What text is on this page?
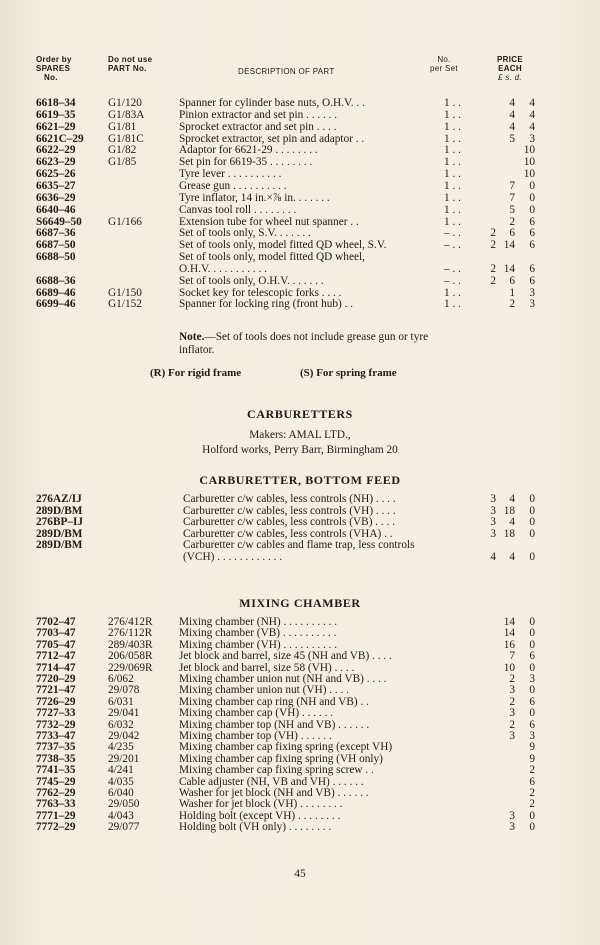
Order by
SPARES
No.
Do not use
PART No.	DESCRIPTION OF PART
No.
per Set
PRICE
EACH
£ s. d.
6618–34	G1/120	Spanner for cylinder base nuts, O.H.V. . .	1 . .	4	4
6619–35	G1/83A	Pinion extractor and set pin . . . . . .	1 . .	4	4
6621–29	G1/81	Sprocket extractor and set pin . . . .	1 . .	4	4
6621C–29 G1/81C	Sprocket extractor, set pin and adaptor . .	1 . .	5	3
6622–29	G1/82	Adaptor for 6621-29 . . . . . . . .	1 . .	10
6623–29	G1/85	Set pin for 6619-35 . . . . . . . .	1 . .	10
6625–26	Tyre lever . . . . . . . . . .	1 . .	10
6635–27	Grease gun . . . . . . . . . .	1 . .	7	0
6636–29	Tyre inflator, 14 in.×⅞ in. . . . . . .	1 . .	7	0
6640–46	Canvas tool roll . . . . . . . .	1 . .	5	0
S6649–50 G1/166	Extension tube for wheel nut spanner . .	1 . .	2	6
6687–36	Set of tools only, S.V. . . . . . .	– . .	2	6	6
6687–50	Set of tools only, model fitted QD wheel, S.V.	– . .	2 14	6
6688–50	Set of tools only, model fitted QD wheel,
O.H.V. . . . . . . . . . .	– . .	2 14	6
6688–36	Set of tools only, O.H.V. . . . . . .	– . .	2	6	6
6689–46	G1/150	Socket key for telescopic forks . . . .	1 . .	1	3
6699–46	G1/152	Spanner for locking ring (front hub) . .	1 . .	2	3
Note.—Set of tools does not include grease gun or tyre inflator.
(R) For rigid frame	(S) For spring frame
CARBURETTERS
Makers: AMAL LTD.,
Holford works, Perry Barr, Birmingham 20
CARBURETTER, BOTTOM FEED
276AZ/IJ	Carburetter c/w cables, less controls (NH) . . . .	3	4	0
289D/BM	Carburetter c/w cables, less controls (VH) . . . .	3 18	0
276BP–IJ	Carburetter c/w cables, less controls (VB) . . . .	3	4	0
289D/BM	Carburetter c/w cables, less controls (VHA) . .	3 18	0
289D/BM	Carburetter c/w cables and flame trap, less controls
(VCH) . . . . . . . . . . . .	4	4	0
MIXING CHAMBER
7702–47	276/412R Mixing chamber (NH) . . . . . . . . . .	14	0
7703–47	276/112R Mixing chamber (VB) . . . . . . . . . .	14	0
7705–47	289/403R Mixing chamber (VH) . . . . . . . . . .	16	0
7712–47	206/058R Jet block and barrel, size 45 (NH and VB) . . . .	7	6
7714–47	229/069R Jet block and barrel, size 58 (VH) . . . .	10	0
7720–29	6/062	Mixing chamber union nut (NH and VB) . . . .	2	3
7721–47	29/078	Mixing chamber union nut (VH) . . . .	3	0
7726–29	6/031	Mixing chamber cap ring (NH and VB) . .	2	6
7727–33	29/041	Mixing chamber cap (VH) . . . . . .	3	0
7732–29	6/032	Mixing chamber top (NH and VB) . . . . . .	2	6
7733–47	29/042	Mixing chamber top (VH) . . . . . .	3	3
7737–35	4/235	Mixing chamber cap fixing spring (except VH)	9
7738–35	29/201	Mixing chamber cap fixing spring (VH only)	9
7741–35	4/241	Mixing chamber cap fixing spring screw . .	2
7745–29	4/035	Cable adjuster (NH, VB and VH) . . . . . .	6
7762–29	6/040	Washer for jet block (NH and VB) . . . . . .	2
7763–33	29/050	Washer for jet block (VH) . . . . . . . .	2
7771–29	4/043	Holding bolt (except VH) . . . . . . . .	3	0
7772–29	29/077	Holding bolt (VH only) . . . . . . . .	3	0
45
